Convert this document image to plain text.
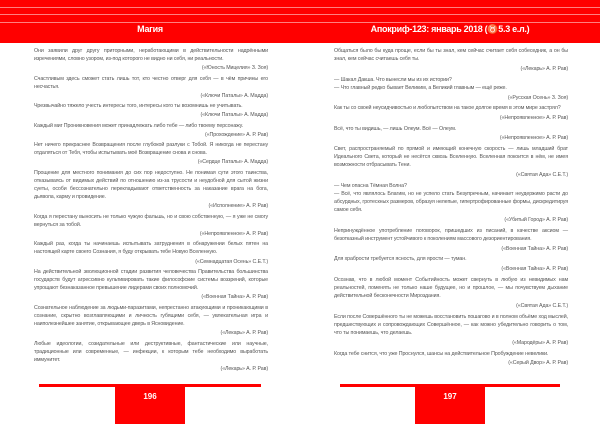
Магия
Они заявили друг другу приторными, неработающими в действительности надрёнными изречениями, словно узором, из-под которого не видно ни себя, ни реальности.
(«Юность Мицелия» З. Зоя)
Счастливым здесь сможет стать лишь тот, кто честно отверг для себя — в чём причины его несчастья.
(«Ключи Паталы» А. Мадда)
Чрезвычайно тяжело учесть интересы того, интересы кого ты возомнишь не учитывать.
(«Ключи Паталы» А. Мадда)
Каждый миг Проникновения может принадлежать либо тебе — либо твоему персонажу.
(«Прохождение» А. Р. Рав)
Нет ничего прекраснее Возвращения после глубокой разлуки с Тобой. Я никогда не перестану отдаляться от Тебя, чтобы испытывать моё Возвращение снова и снова.
(«Сердце Паталы» А. Мадда)
Прощение для местного понимания до сих пор недоступно. Не понимая сути этого таинства, отказываясь от видимых действий по отношению из-за трусости и неудобной для сытой жизни суеты, особи бессознательно перекладывают ответственность за наказание врага на бога, дьявола, карму и провидение.
(«Исполнение» А. Р. Рав)
Когда я перестану выносить не только чужую фальшь, но и свою собственную, — я уже не смогу вернуться за тобой.
(«Непроявленное» А. Р. Рав)
Каждый раз, когда ты начинаешь испытывать затруднения в обнаружении белых пятен на настоящей карте своего Сознания, я буду открывать тебе Новую Вселенную.
(«Семнадцатая Осень» С.Е.Т.)
На действительной эволюционной стадии развития человечества Правительства большинства государств будут агрессивно культивировать такие философские системы воззрений, которые упрощают безнаказанное превышение лидерами своих полномочий.
(«Военная Тайна» А. Р. Рав)
Сознательное наблюдение за людьми-паразитами, непрестанно атакующими и проникающими в сознание, скрытно возглавляющими и личность губящими себя, — увлекательная игра и наиполезнейшее занятие, открывающее дверь в Ясновидение.
(«Лекарь» А. Р. Рав)
Любые идеологии, созидательные или деструктивные, фантастические или научные, традиционные или современные, — инфекции, к которым тебе необходимо выработать иммунитет.
(«Лекарь» А. Р. Рав)
196
Апокриф-123: январь 2018 (♉5.3 е.л.)
Общаться было бы куда проще, если бы ты знал, кем сейчас считает себя собеседник, а он бы знал, кем сейчас считаешь себя ты.
(«Лекарь» А. Р. Рав)
— Шакал Дакша. Что вынесли мы из их истории?
— Что главный редко бывает Великим, а Великий главным — ещё реже.
(«Русская Осень» З. Зоя)
Как ты со своей неусидчивостью и любопытством на такое долгое время в этом мире застрял?
(«Непроявленное» А. Р. Рав)
Всё, что ты видишь, — лишь Олеум. Всё — Олеум.
(«Непроявленное» А. Р. Рав)
Свет, распространяемый по прямой и имеющий конечную скорость — лишь младший брат Идеального Света, который не несётся сквозь Вселенную. Вселенная покоится в нём, не имея возможности отбрасывать Тени.
(«Святая Ада» С.Е.Т.)
— Чем опасна Тёмная Волна?
— Всё, что являлось Благим, но не успело стать Безупречным, начинает неудержимо расти до абсурдных, гротескных размеров, образуя нелепые, гипертрофированные формы, дискредитируя самое себя.
(«Убитый Город» А. Р. Рав)
Непринуждённое употребление поговорок, пришедших из писаний, в качестве аксиом — безотказный инструмент устойчивого к поколениям массового дезориентирования.
(«Военная Тайна» А. Р. Рав)
Для храбрости требуется ясность, для ярости — туман.
(«Военная Тайна» А. Р. Рав)
Осознав, что в любой момент Событийность может свернуть в любую из невидимых нам реальностей, поменять не только наше будущее, но и прошлое, — мы почувствуем дыхание действительной бесконечности Мироздания.
(«Святая Ада» С.Е.Т.)
Если после Совершённого ты не можешь восстановить пошагово и в полном объёме ход мыслей, предшествующих и сопровождающих Совершённое, — как можно убедительно говорить о том, что ты понимаешь, что делаешь.
(«Мародёры» А. Р. Рав)
Когда тебе снится, что уже Проснулся, шансы на действительное Пробуждение невелики.
(«Серый Двор» А. Р. Рав)
197
